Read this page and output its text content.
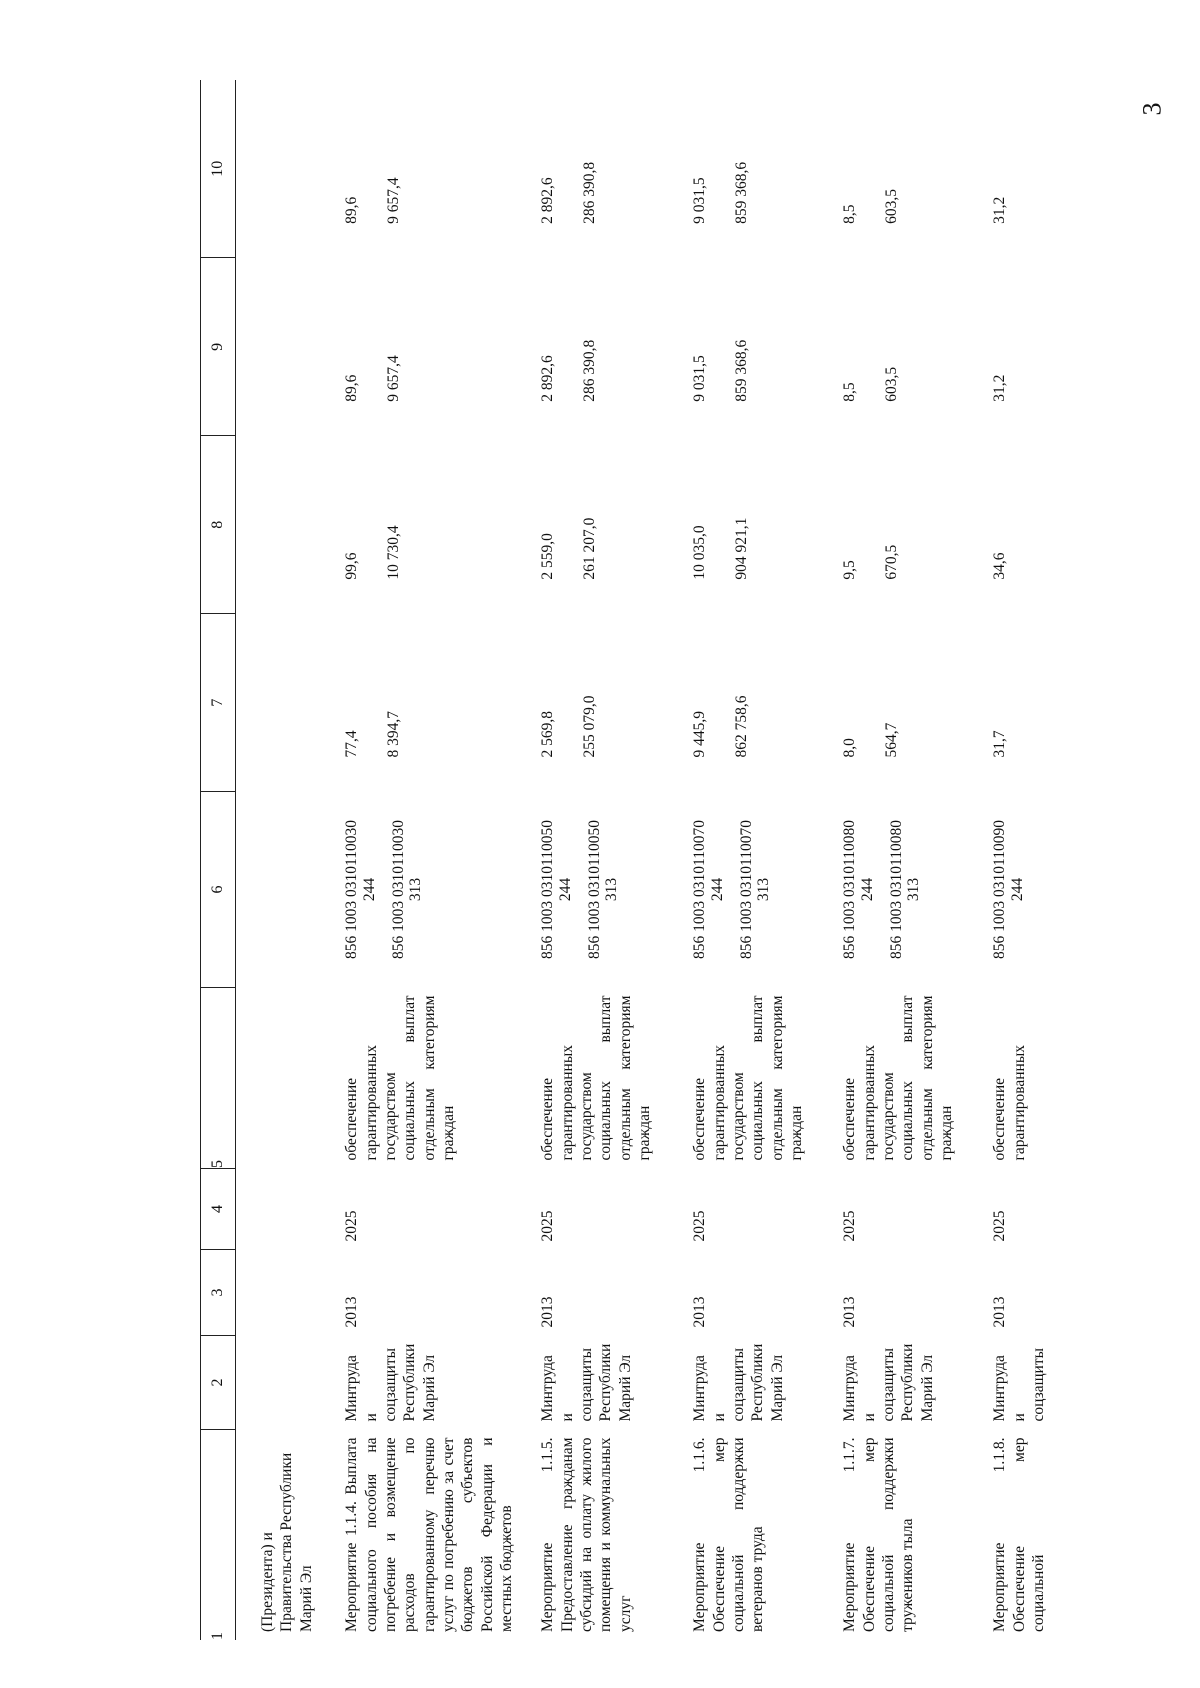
3
1	2	3	4	5	6	7	8	9	10
(Президента) и Правительства Республики Марий Эл									
Мероприятие 1.1.4. Выплата социального пособия на погребение и возмещение расходов по гарантированному перечню услуг по погребению за счет бюджетов субъектов Российской Федерации и местных бюджетов	Минтруда и соцзащиты Республики Марий Эл	2013	2025	обеспечение гарантированных государством социальных выплат отдельным категориям граждан	856 1003 0310110030 244 856 1003 0310110030 313	77,4 8 394,7	99,6 10 730,4	89,6 9 657,4	89,6 9 657,4

Мероприятие 1.1.5. Предоставление гражданам субсидий на оплату жилого помещения и коммунальных услуг	Минтруда и соцзащиты Республики Марий Эл	2013	2025	обеспечение гарантированных государством социальных выплат отдельным категориям граждан	856 1003 0310110050 244 856 1003 0310110050 313	2 569,8 255 079,0	2 559,0 261 207,0	2 892,6 286 390,8	2 892,6 286 390,8

Мероприятие 1.1.6. Обеспечение мер социальной поддержки ветеранов труда	Минтруда и соцзащиты Республики Марий Эл	2013	2025	обеспечение гарантированных государством социальных выплат отдельным категориям граждан	856 1003 0310110070 244 856 1003 0310110070 313	9 445,9 862 758,6	10 035,0 904 921,1	9 031,5 859 368,6	9 031,5 859 368,6

Мероприятие 1.1.7. Обеспечение мер социальной поддержки тружеников тыла	Минтруда и соцзащиты Республики Марий Эл	2013	2025	обеспечение гарантированных государством социальных выплат отдельным категориям граждан	856 1003 0310110080 244 856 1003 0310110080 313	8,0 564,7	9,5 670,5	8,5 603,5	8,5 603,5

Мероприятие 1.1.8. Обеспечение мер социальной	Минтруда и соцзащиты	2013	2025	обеспечение гарантированных	856 1003 0310110090 244	31,7	34,6	31,2	31,2
